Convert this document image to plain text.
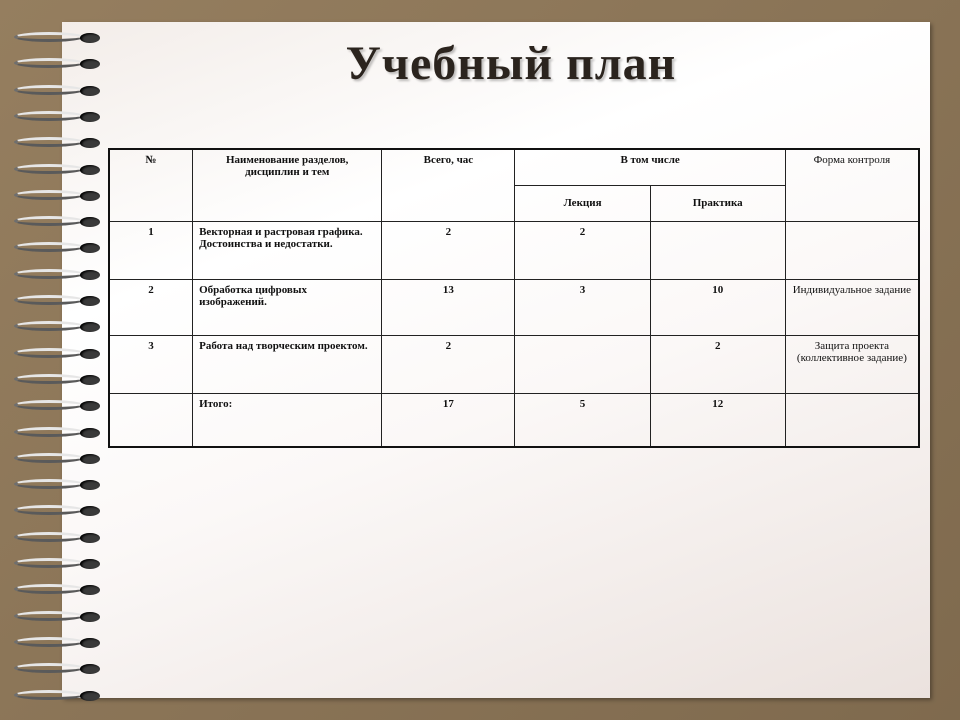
Учебный план
№	Наименование разделов, дисциплин и тем	Всего, час	В том числе		Форма контроля
			Лекция	Практика	
1	Векторная и растровая графика. Достоинства и недостатки.	2	2		
2	Обработка цифровых изображений.	13	3	10	Индивидуальное задание
3	Работа над творческим проектом.	2		2	Защита проекта (коллективное задание)
	Итого:	17	5	12	
